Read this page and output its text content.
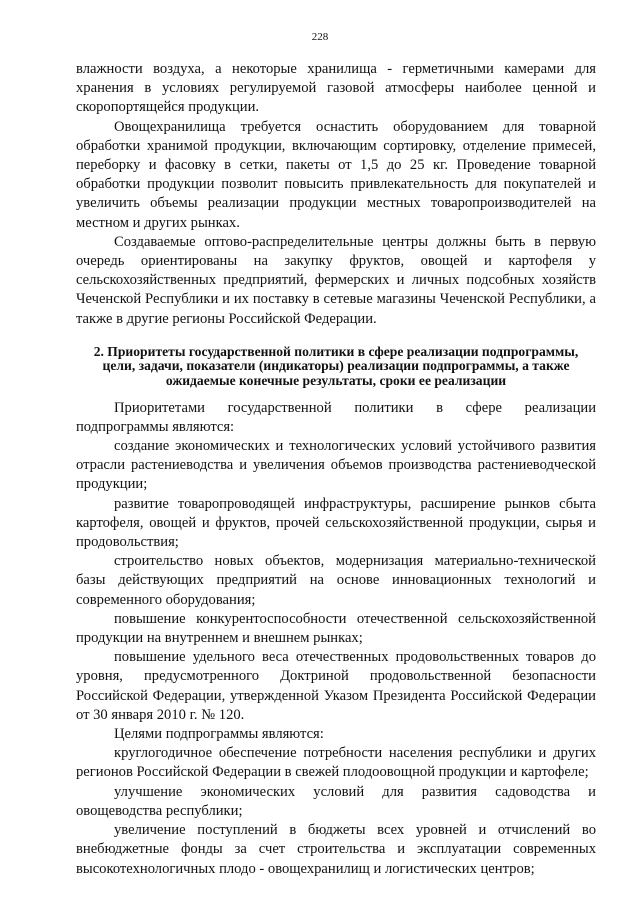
228

влажности воздуха, а некоторые хранилища - герметичными камерами для хранения в условиях регулируемой газовой атмосферы наиболее ценной и скоропортящейся продукции.

Овощехранилища требуется оснастить оборудованием для товарной обработки хранимой продукции, включающим сортировку, отделение примесей, переборку и фасовку в сетки, пакеты от 1,5 до 25 кг. Проведение товарной обработки продукции позволит повысить привлекательность для покупателей и увеличить объемы реализации продукции местных товаропроизводителей на местном и других рынках.

Создаваемые оптово-распределительные центры должны быть в первую очередь ориентированы на закупку фруктов, овощей и картофеля у сельскохозяйственных предприятий, фермерских и личных подсобных хозяйств Чеченской Республики и их поставку в сетевые магазины Чеченской Республики, а также в другие регионы Российской Федерации.

2. Приоритеты государственной политики в сфере реализации подпрограммы, цели, задачи, показатели (индикаторы) реализации подпрограммы, а также ожидаемые конечные результаты, сроки ее реализации

Приоритетами государственной политики в сфере реализации подпрограммы являются:

создание экономических и технологических условий устойчивого развития отрасли растениеводства и увеличения объемов производства растениеводческой продукции;

развитие товаропроводящей инфраструктуры, расширение рынков сбыта картофеля, овощей и фруктов, прочей сельскохозяйственной продукции, сырья и продовольствия;

строительство новых объектов, модернизация материально-технической базы действующих предприятий на основе инновационных технологий и современного оборудования;

повышение конкурентоспособности отечественной сельскохозяйственной продукции на внутреннем и внешнем рынках;

повышение удельного веса отечественных продовольственных товаров до уровня, предусмотренного Доктриной продовольственной безопасности Российской Федерации, утвержденной Указом Президента Российской Федерации от 30 января 2010 г. № 120.

Целями подпрограммы являются:

круглогодичное обеспечение потребности населения республики и других регионов Российской Федерации в свежей плодоовощной продукции и картофеле;

улучшение экономических условий для развития садоводства и овощеводства республики;

увеличение поступлений в бюджеты всех уровней и отчислений во внебюджетные фонды за счет строительства и эксплуатации современных высокотехнологичных плодо - овощехранилищ и логистических центров;
